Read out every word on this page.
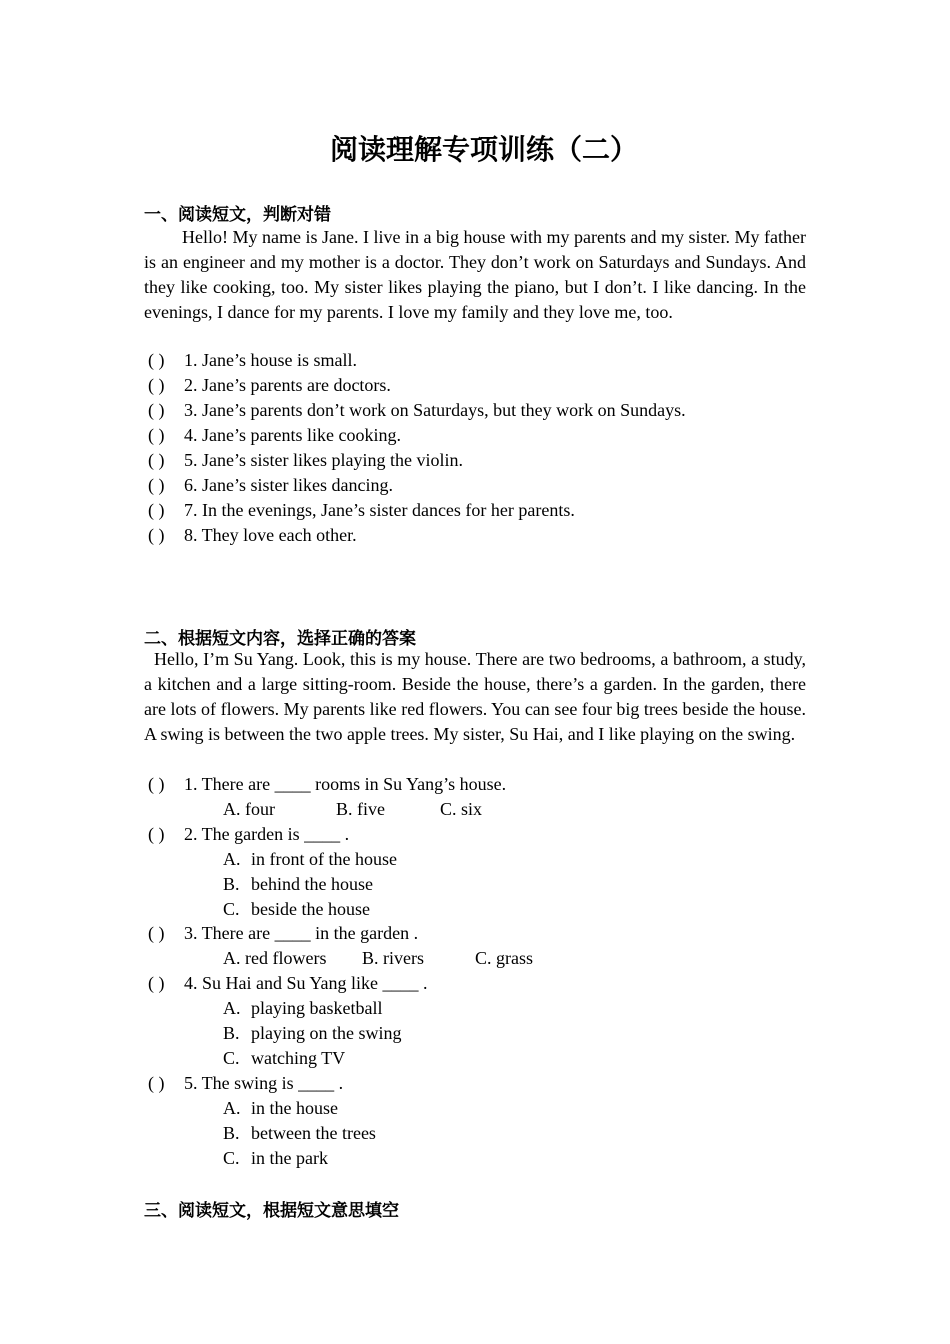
阅读理解专项训练（二）
一、阅读短文，判断对错
Hello! My name is Jane. I live in a big house with my parents and my sister. My father is an engineer and my mother is a doctor. They don’t work on Saturdays and Sundays. And they like cooking, too. My sister likes playing the piano, but I don’t. I like dancing. In the evenings, I dance for my parents. I love my family and they love me, too.
( ) 1. Jane’s house is small.
( ) 2. Jane’s parents are doctors.
( ) 3. Jane’s parents don’t work on Saturdays, but they work on Sundays.
( ) 4. Jane’s parents like cooking.
( ) 5. Jane’s sister likes playing the violin.
( ) 6. Jane’s sister likes dancing.
( ) 7. In the evenings, Jane’s sister dances for her parents.
( ) 8. They love each other.
二、根据短文内容，选择正确的答案
Hello, I’m Su Yang. Look, this is my house. There are two bedrooms, a bathroom, a study, a kitchen and a large sitting-room. Beside the house, there’s a garden. In the garden, there are lots of flowers. My parents like red flowers. You can see four big trees beside the house. A swing is between the two apple trees. My sister, Su Hai, and I like playing on the swing.
( ) 1. There are ____ rooms in Su Yang’s house.
A. four	B. five	C. six
( ) 2. The garden is ____ .
A. in front of the house
B. behind the house
C. beside the house
( ) 3. There are ____ in the garden .
A. red flowers B. rivers	C. grass
( ) 4. Su Hai and Su Yang like ____ .
A. playing basketball
B. playing on the swing
C. watching TV
( ) 5. The swing is ____ .
A. in the house
B. between the trees
C. in the park
三、阅读短文，根据短文意思填空
